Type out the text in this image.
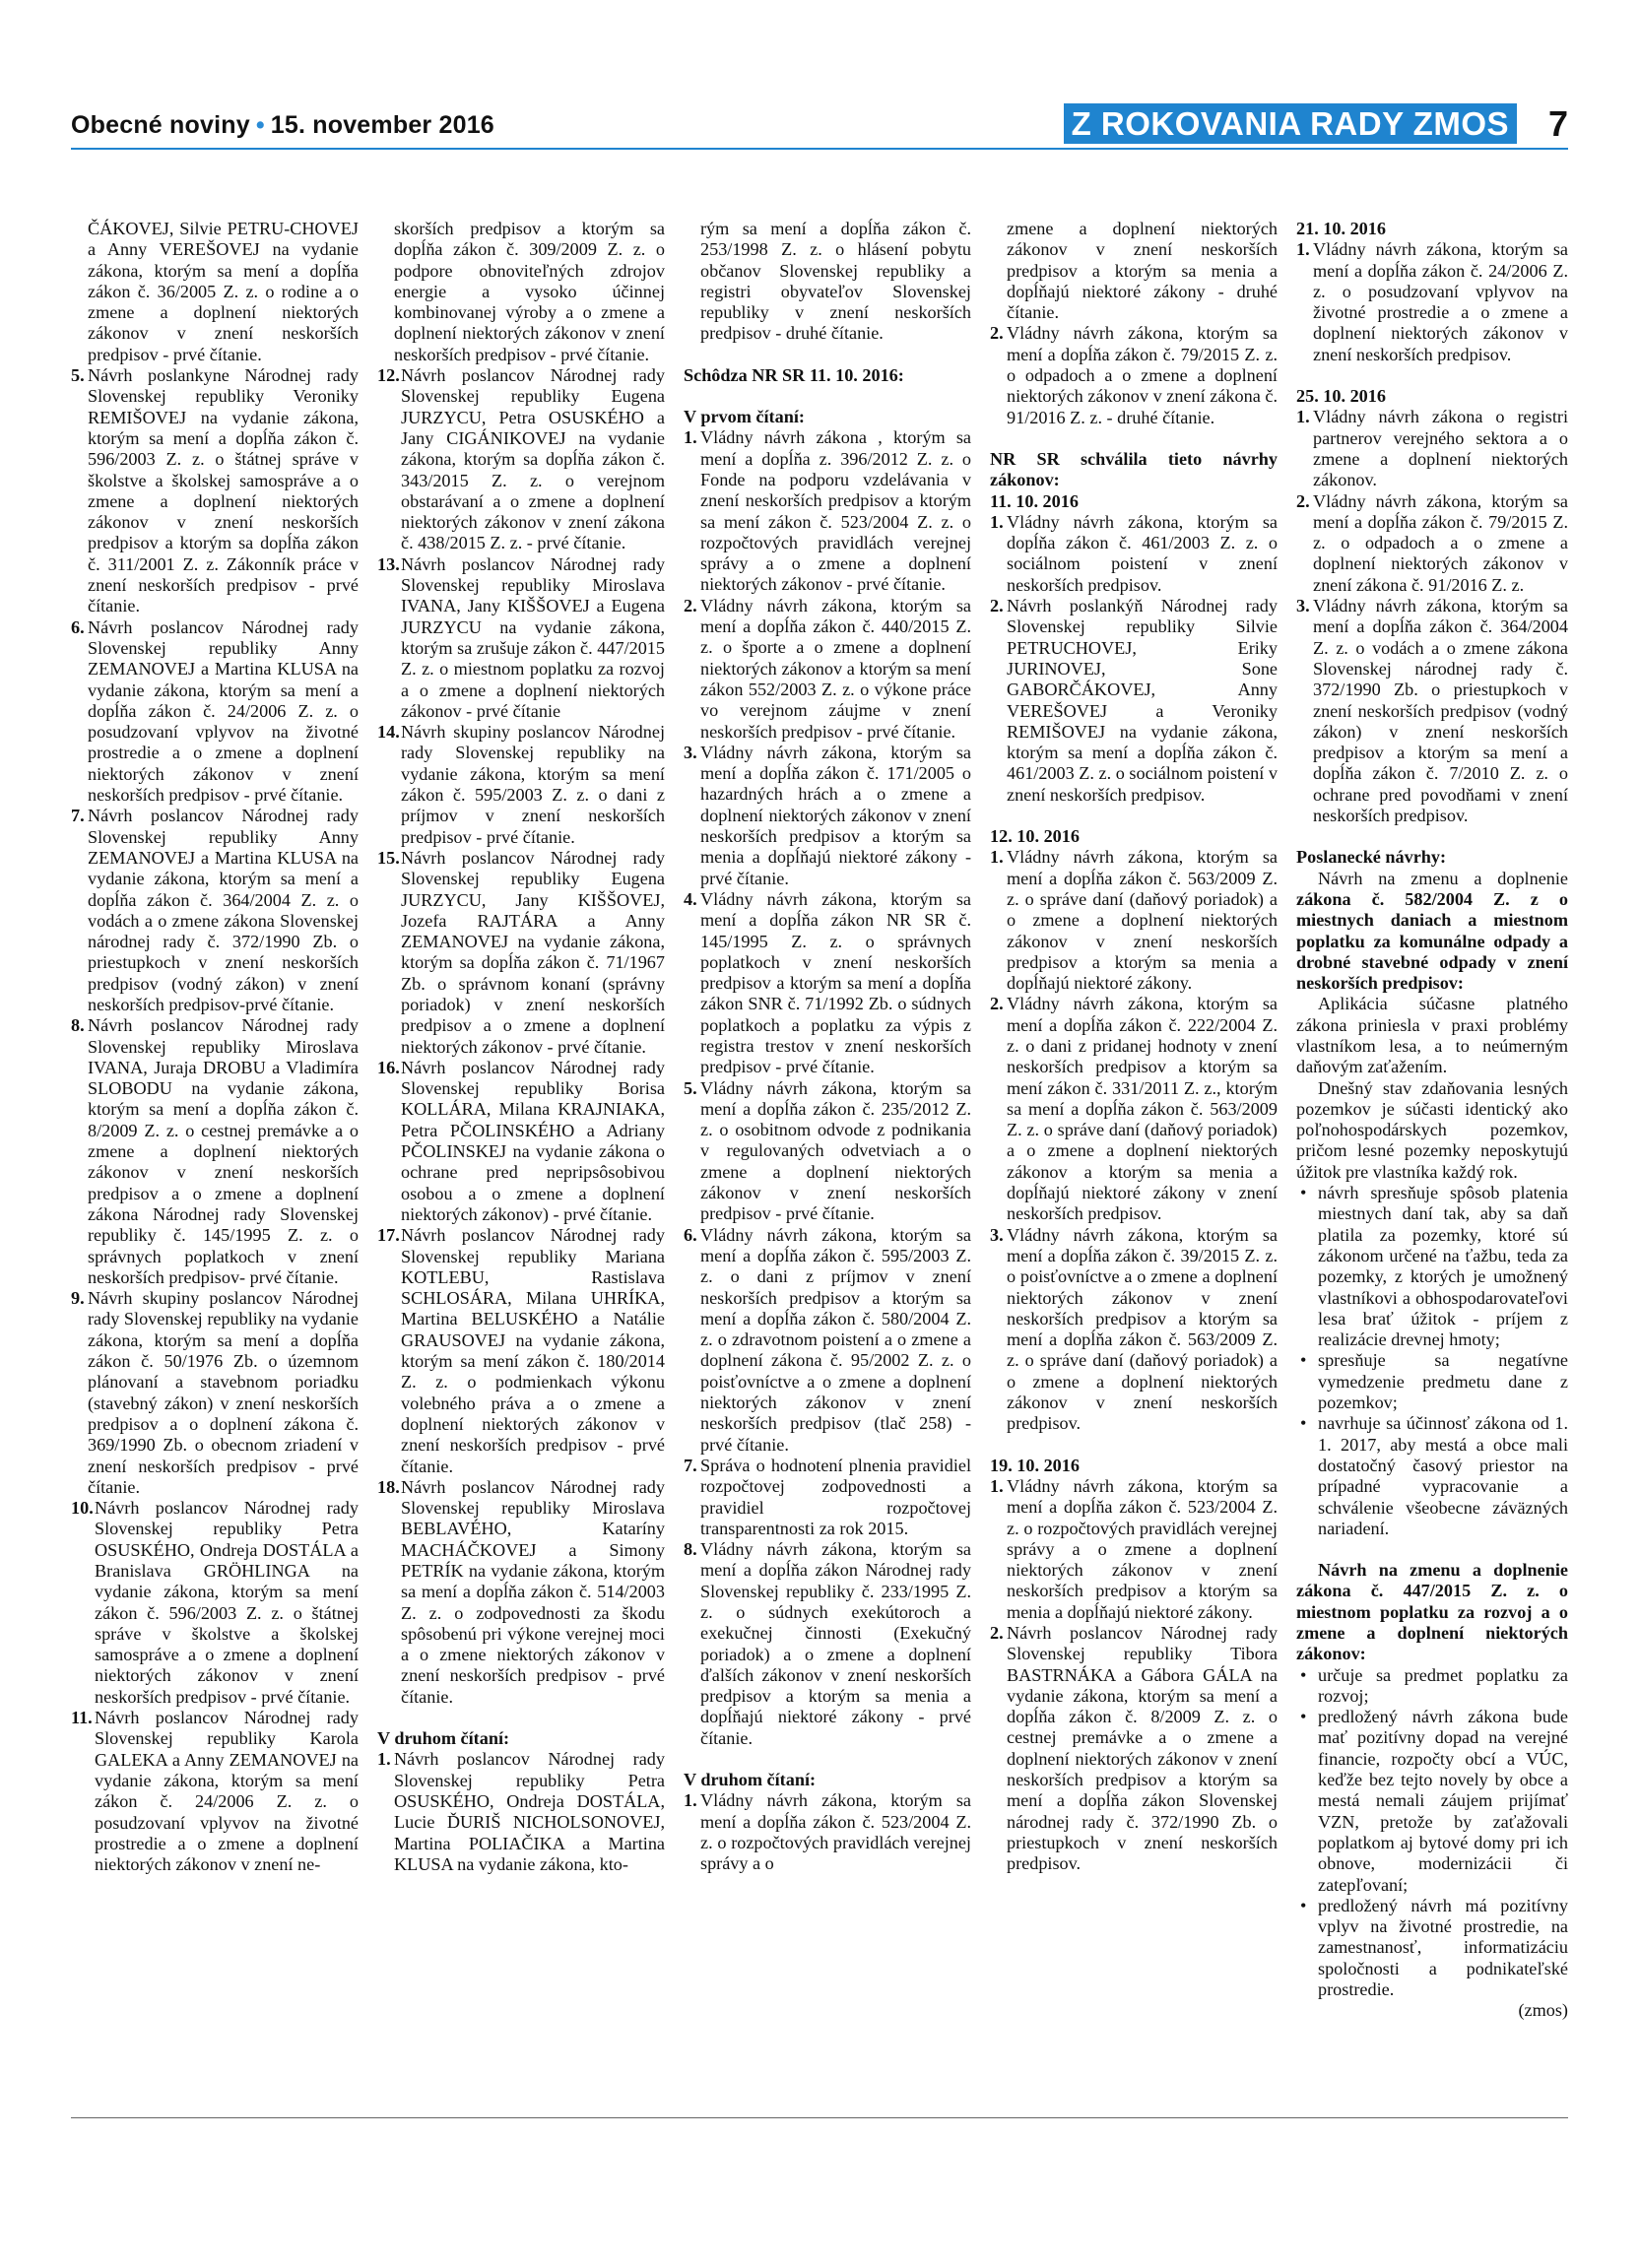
Obecné noviny • 15. november 2016	Z ROKOVANIA RADY ZMOS 7

ČÁKOVEJ, Silvie PETRU-CHOVEJ a Anny VEREŠOVEJ na vydanie zákona, ktorým sa mení a dopĺňa zákon č. 36/2005 Z. z. o rodine a o zmene a doplnení niektorých zákonov v znení neskorších predpisov - prvé čítanie.

5. Návrh poslankyne Národnej rady Slovenskej republiky Veroniky REMIŠOVEJ na vydanie zákona, ktorým sa mení a dopĺňa zákon č. 596/2003 Z. z. o štátnej správe v školstve a školskej samospráve a o zmene a doplnení niektorých zákonov v znení neskorších predpisov a ktorým sa dopĺňa zákon č. 311/2001 Z. z. Zákonník práce v znení neskorších predpisov - prvé čítanie.
6. Návrh poslancov Národnej rady Slovenskej republiky Anny ZEMANOVEJ a Martina KLUSA na vydanie zákona, ktorým sa mení a dopĺňa zákon č. 24/2006 Z. z. o posudzovaní vplyvov na životné prostredie a o zmene a doplnení niektorých zákonov v znení neskorších predpisov - prvé čítanie.
7. Návrh poslancov Národnej rady Slovenskej republiky Anny ZEMANOVEJ a Martina KLUSA na vydanie zákona, ktorým sa mení a dopĺňa zákon č. 364/2004 Z. z. o vodách a o zmene zákona Slovenskej národnej rady č. 372/1990 Zb. o priestupkoch v znení neskorších predpisov (vodný zákon) v znení neskorších predpisov-prvé čítanie.
8. Návrh poslancov Národnej rady Slovenskej republiky Miroslava IVANA, Juraja DROBU a Vladimíra SLOBODU na vydanie zákona, ktorým sa mení a dopĺňa zákon č. 8/2009 Z. z. o cestnej premávke a o zmene a doplnení niektorých zákonov v znení neskorších predpisov a o zmene a doplnení zákona Národnej rady Slovenskej republiky č. 145/1995 Z. z. o správnych poplatkoch v znení neskorších predpisov- prvé čítanie.
9. Návrh skupiny poslancov Národnej rady Slovenskej republiky na vydanie zákona, ktorým sa mení a dopĺňa zákon č. 50/1976 Zb. o územnom plánovaní a stavebnom poriadku (stavebný zákon) v znení neskorších predpisov a o doplnení zákona č. 369/1990 Zb. o obecnom zriadení v znení neskorších predpisov - prvé čítanie.
10. Návrh poslancov Národnej rady Slovenskej republiky Petra OSUSKÉHO, Ondreja DOSTÁLA a Branislava GRÖHLINGA na vydanie zákona, ktorým sa mení zákon č. 596/2003 Z. z. o štátnej správe v školstve a školskej samospráve a o zmene a doplnení niektorých zákonov v znení neskorších predpisov - prvé čítanie.
11. Návrh poslancov Národnej rady Slovenskej republiky Karola GALEKA a Anny ZEMANOVEJ na vydanie zákona, ktorým sa mení zákon č. 24/2006 Z. z. o posudzovaní vplyvov na životné prostredie a o zmene a doplnení niektorých zákonov v znení ne-

skorších predpisov a ktorým sa dopĺňa zákon č. 309/2009 Z. z. o podpore obnoviteľných zdrojov energie a vysoko účinnej kombinovanej výroby a o zmene a doplnení niektorých zákonov v znení neskorších predpisov - prvé čítanie.

12. Návrh poslancov Národnej rady Slovenskej republiky Eugena JURZYCU, Petra OSUSKÉHO a Jany CIGÁNIKOVEJ na vydanie zákona, ktorým sa dopĺňa zákon č. 343/2015 Z. z. o verejnom obstarávaní a o zmene a doplnení niektorých zákonov v znení zákona č. 438/2015 Z. z. - prvé čítanie.
13. Návrh poslancov Národnej rady Slovenskej republiky Miroslava IVANA, Jany KIŠŠOVEJ a Eugena JURZYCU na vydanie zákona, ktorým sa zrušuje zákon č. 447/2015 Z. z. o miestnom poplatku za rozvoj a o zmene a doplnení niektorých zákonov - prvé čítanie
14. Návrh skupiny poslancov Národnej rady Slovenskej republiky na vydanie zákona, ktorým sa mení zákon č. 595/2003 Z. z. o dani z príjmov v znení neskorších predpisov - prvé čítanie.
15. Návrh poslancov Národnej rady Slovenskej republiky Eugena JURZYCU, Jany KIŠŠOVEJ, Jozefa RAJTÁRA a Anny ZEMANOVEJ na vydanie zákona, ktorým sa dopĺňa zákon č. 71/1967 Zb. o správnom konaní (správny poriadok) v znení neskorších predpisov a o zmene a doplnení niektorých zákonov - prvé čítanie.
16. Návrh poslancov Národnej rady Slovenskej republiky Borisa KOLLÁRA, Milana KRAJNIAKA, Petra PČOLINSKÉHO a Adriany PČOLINSKEJ na vydanie zákona o ochrane pred nepripsôsobivou osobou a o zmene a doplnení niektorých zákonov) - prvé čítanie.
17. Návrh poslancov Národnej rady Slovenskej republiky Mariana KOTLEBU, Rastislava SCHLOSÁRA, Milana UHRÍKA, Martina BELUSKÉHO a Natálie GRAUSOVEJ na vydanie zákona, ktorým sa mení zákon č. 180/2014 Z. z. o podmienkach výkonu volebného práva a o zmene a doplnení niektorých zákonov v znení neskorších predpisov - prvé čítanie.
18. Návrh poslancov Národnej rady Slovenskej republiky Miroslava BEBLAVÉHO, Kataríny MACHÁČKOVEJ a Simony PETRÍK na vydanie zákona, ktorým sa mení a dopĺňa zákon č. 514/2003 Z. z. o zodpovednosti za škodu spôsobenú pri výkone verejnej moci a o zmene niektorých zákonov v znení neskorších predpisov - prvé čítanie.

V druhom čítaní:

1. Návrh poslancov Národnej rady Slovenskej republiky Petra OSUSKÉHO, Ondreja DOSTÁLA, Lucie ĎURIŠ NICHOLSONOVEJ, Martina POLIAČIKA a Martina KLUSA na vydanie zákona, kto-

rým sa mení a dopĺňa zákon č. 253/1998 Z. z. o hlásení pobytu občanov Slovenskej republiky a registri obyvateľov Slovenskej republiky v znení neskorších predpisov - druhé čítanie.

Schôdza NR SR 11. 10. 2016:

V prvom čítaní:

1. Vládny návrh zákona , ktorým sa mení a dopĺňa z. 396/2012 Z. z. o Fonde na podporu vzdelávania v znení neskorších predpisov a ktorým sa mení zákon č. 523/2004 Z. z. o rozpočtových pravidlách verejnej správy a o zmene a doplnení niektorých zákonov - prvé čítanie.
2. Vládny návrh zákona, ktorým sa mení a dopĺňa zákon č. 440/2015 Z. z. o športe a o zmene a doplnení niektorých zákonov a ktorým sa mení zákon 552/2003 Z. z. o výkone práce vo verejnom záujme v znení neskorších predpisov - prvé čítanie.
3. Vládny návrh zákona, ktorým sa mení a dopĺňa zákon č. 171/2005 o hazardných hrách a o zmene a doplnení niektorých zákonov v znení neskorších predpisov a ktorým sa menia a dopĺňajú niektoré zákony - prvé čítanie.
4. Vládny návrh zákona, ktorým sa mení a dopĺňa zákon NR SR č. 145/1995 Z. z. o správnych poplatkoch v znení neskorších predpisov a ktorým sa mení a dopĺňa zákon SNR č. 71/1992 Zb. o súdnych poplatkoch a poplatku za výpis z registra trestov v znení neskorších predpisov - prvé čítanie.
5. Vládny návrh zákona, ktorým sa mení a dopĺňa zákon č. 235/2012 Z. z. o osobitnom odvode z podnikania v regulovaných odvetviach a o zmene a doplnení niektorých zákonov v znení neskorších predpisov - prvé čítanie.
6. Vládny návrh zákona, ktorým sa mení a dopĺňa zákon č. 595/2003 Z. z. o dani z príjmov v znení neskorších predpisov a ktorým sa mení a dopĺňa zákon č. 580/2004 Z. z. o zdravotnom poistení a o zmene a doplnení zákona č. 95/2002 Z. z. o poisťovníctve a o zmene a doplnení niektorých zákonov v znení neskorších predpisov (tlač 258) - prvé čítanie.
7. Správa o hodnotení plnenia pravidiel rozpočtovej zodpovednosti a pravidiel rozpočtovej transparentnosti za rok 2015.
8. Vládny návrh zákona, ktorým sa mení a dopĺňa zákon Národnej rady Slovenskej republiky č. 233/1995 Z. z. o súdnych exekútoroch a exekučnej činnosti (Exekučný poriadok) a o zmene a doplnení ďalších zákonov v znení neskorších predpisov a ktorým sa menia a dopĺňajú niektoré zákony - prvé čítanie.

V druhom čítaní:

1. Vládny návrh zákona, ktorým sa mení a dopĺňa zákon č. 523/2004 Z. z. o rozpočtových pravidlách verejnej správy a o

zmene a doplnení niektorých zákonov v znení neskorších predpisov a ktorým sa menia a dopĺňajú niektoré zákony - druhé čítanie.

2. Vládny návrh zákona, ktorým sa mení a dopĺňa zákon č. 79/2015 Z. z. o odpadoch a o zmene a doplnení niektorých zákonov v znení zákona č. 91/2016 Z. z. - druhé čítanie.

NR SR schválila tieto návrhy zákonov:

11. 10. 2016

1. Vládny návrh zákona, ktorým sa dopĺňa zákon č. 461/2003 Z. z. o sociálnom poistení v znení neskorších predpisov.
2. Návrh poslankýň Národnej rady Slovenskej republiky Silvie PETRUCHOVEJ, Eriky JURINOVEJ, Sone GABORČÁKOVEJ, Anny VEREŠOVEJ a Veroniky REMIŠOVEJ na vydanie zákona, ktorým sa mení a dopĺňa zákon č. 461/2003 Z. z. o sociálnom poistení v znení neskorších predpisov.

12. 10. 2016

1. Vládny návrh zákona, ktorým sa mení a dopĺňa zákon č. 563/2009 Z. z. o správe daní (daňový poriadok) a o zmene a doplnení niektorých zákonov v znení neskorších predpisov a ktorým sa menia a dopĺňajú niektoré zákony.
2. Vládny návrh zákona, ktorým sa mení a dopĺňa zákon č. 222/2004 Z. z. o dani z pridanej hodnoty v znení neskorších predpisov a ktorým sa mení zákon č. 331/2011 Z. z., ktorým sa mení a dopĺňa zákon č. 563/2009 Z. z. o správe daní (daňový poriadok) a o zmene a doplnení niektorých zákonov a ktorým sa menia a dopĺňajú niektoré zákony v znení neskorších predpisov.
3. Vládny návrh zákona, ktorým sa mení a dopĺňa zákon č. 39/2015 Z. z. o poisťovníctve a o zmene a doplnení niektorých zákonov v znení neskorších predpisov a ktorým sa mení a dopĺňa zákon č. 563/2009 Z. z. o správe daní (daňový poriadok) a o zmene a doplnení niektorých zákonov v znení neskorších predpisov.

19. 10. 2016

1. Vládny návrh zákona, ktorým sa mení a dopĺňa zákon č. 523/2004 Z. z. o rozpočtových pravidlách verejnej správy a o zmene a doplnení niektorých zákonov v znení neskorších predpisov a ktorým sa menia a dopĺňajú niektoré zákony.
2. Návrh poslancov Národnej rady Slovenskej republiky Tibora BASTRNÁKA a Gábora GÁLA na vydanie zákona, ktorým sa mení a dopĺňa zákon č. 8/2009 Z. z. o cestnej premávke a o zmene a doplnení niektorých zákonov v znení neskorších predpisov a ktorým sa mení a dopĺňa zákon Slovenskej národnej rady č. 372/1990 Zb. o priestupkoch v znení neskorších predpisov.

21. 10. 2016

1. Vládny návrh zákona, ktorým sa mení a dopĺňa zákon č. 24/2006 Z. z. o posudzovaní vplyvov na životné prostredie a o zmene a doplnení niektorých zákonov v znení neskorších predpisov.

25. 10. 2016

1. Vládny návrh zákona o registri partnerov verejného sektora a o zmene a doplnení niektorých zákonov.
2. Vládny návrh zákona, ktorým sa mení a dopĺňa zákon č. 79/2015 Z. z. o odpadoch a o zmene a doplnení niektorých zákonov v znení zákona č. 91/2016 Z. z.
3. Vládny návrh zákona, ktorým sa mení a dopĺňa zákon č. 364/2004 Z. z. o vodách a o zmene zákona Slovenskej národnej rady č. 372/1990 Zb. o priestupkoch v znení neskorších predpisov (vodný zákon) v znení neskorších predpisov a ktorým sa mení a dopĺňa zákon č. 7/2010 Z. z. o ochrane pred povodňami v znení neskorších predpisov.

Poslanecké návrhy:

Návrh na zmenu a doplnenie zákona č. 582/2004 Z. z o miestnych daniach a miestnom poplatku za komunálne odpady a drobné stavebné odpady v znení neskorších predpisov:

Aplikácia súčasne platného zákona priniesla v praxi problémy vlastníkom lesa, a to neúmerným daňovým zaťažením.

Dnešný stav zdaňovania lesných pozemkov je súčasti identický ako poľnohospodárskych pozemkov, pričom lesné pozemky neposkytujú úžitok pre vlastníka každý rok.

• návrh spresňuje spôsob platenia miestnych daní tak, aby sa daň platila za pozemky, ktoré sú zákonom určené na ťažbu, teda za pozemky, z ktorých je umožnený vlastníkovi a obhospodarovateľovi lesa brať úžitok - príjem z realizácie drevnej hmoty;
• spresňuje sa negatívne vymedzenie predmetu dane z pozemkov;
• navrhuje sa účinnosť zákona od 1. 1. 2017, aby mestá a obce mali dostatočný časový priestor na prípadné vypracovanie a schválenie všeobecne záväzných nariadení.

Návrh na zmenu a doplnenie zákona č. 447/2015 Z. z. o miestnom poplatku za rozvoj a o zmene a doplnení niektorých zákonov:

• určuje sa predmet poplatku za rozvoj;
• predložený návrh zákona bude mať pozitívny dopad na verejné financie, rozpočty obcí a VÚC, keďže bez tejto novely by obce a mestá nemali záujem prijímať VZN, pretože by zaťažovali poplatkom aj bytové domy pri ich obnove, modernizácii či zatepľovaní;
• predložený návrh má pozitívny vplyv na životné prostredie, na zamestnanosť, informatizáciu spoločnosti a podnikateľské prostredie.

(zmos)
